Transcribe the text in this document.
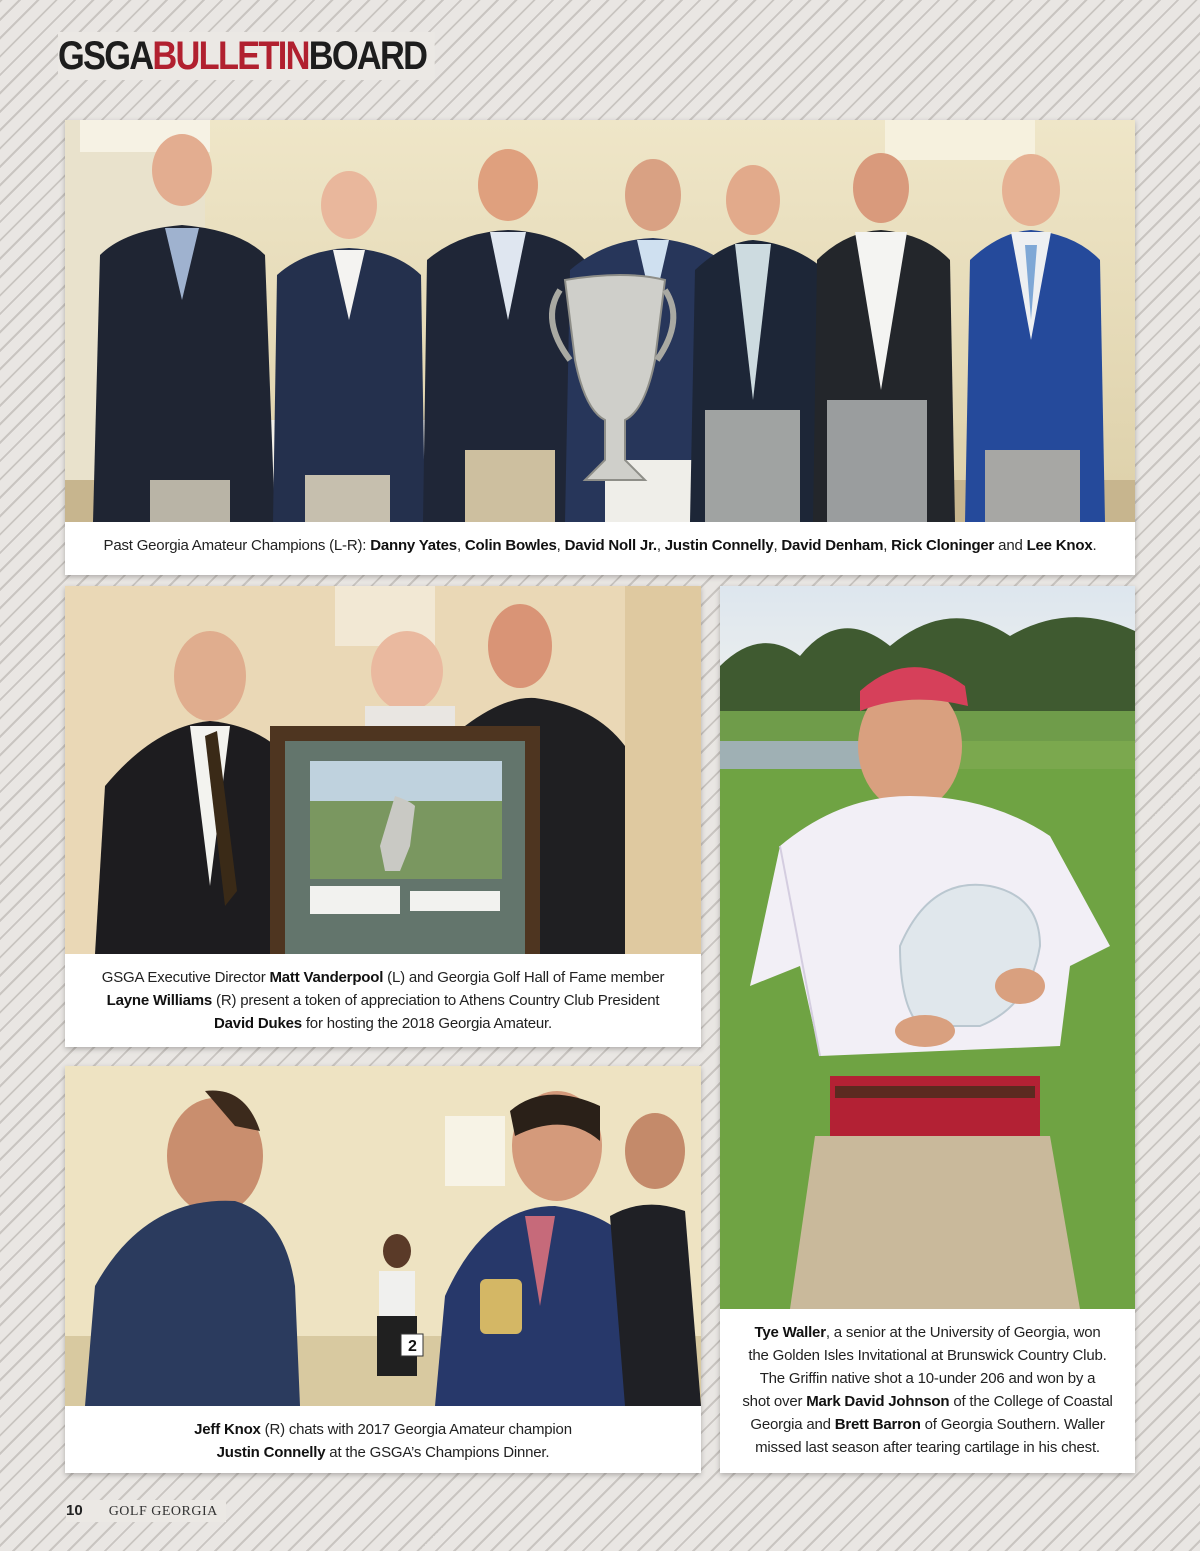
GSGABULLETINBOARD
Past Georgia Amateur Champions (L-R): Danny Yates, Colin Bowles, David Noll Jr., Justin Connelly, David Denham, Rick Cloninger and Lee Knox.
GSGA Executive Director Matt Vanderpool (L) and Georgia Golf Hall of Fame member
Layne Williams (R) present a token of appreciation to Athens Country Club President
David Dukes for hosting the 2018 Georgia Amateur.
2
Jeff Knox (R) chats with 2017 Georgia Amateur champion
Justin Connelly at the GSGA’s Champions Dinner.
Tye Waller, a senior at the University of Georgia, won
the Golden Isles Invitational at Brunswick Country Club.
The Griffin native shot a 10-under 206 and won by a
shot over Mark David Johnson of the College of Coastal
Georgia and Brett Barron of Georgia Southern. Waller
missed last season after tearing cartilage in his chest.
10 GOLF GEORGIA
